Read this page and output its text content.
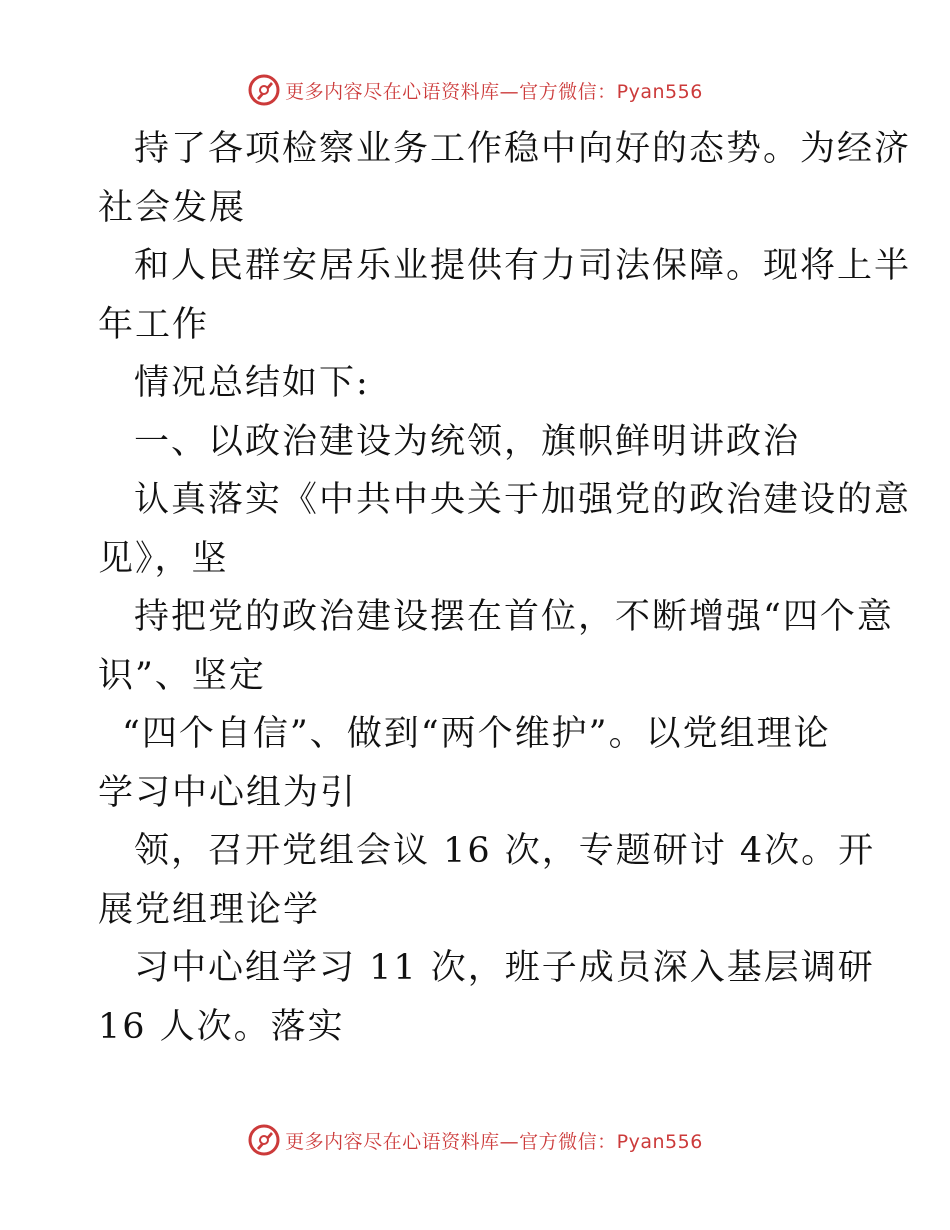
更多内容尽在心语资料库—官方微信：Pyan556

持了各项检察业务工作稳中向好的态势。为经济

社会发展

和人民群安居乐业提供有力司法保障。现将上半

年工作

情况总结如下:

一、以政治建设为统领，旗帜鲜明讲政治

认真落实《中共中央关于加强党的政治建设的意

见》，坚

持把党的政治建设摆在首位，不断增强“四个意

识”、坚定

“四个自信”、做到“两个维护”。以党组理论

学习中心组为引

领，召开党组会议 16 次，专题研讨 4次。开

展党组理论学

习中心组学习 11 次，班子成员深入基层调研

16 人次。落实

更多内容尽在心语资料库—官方微信：Pyan556
